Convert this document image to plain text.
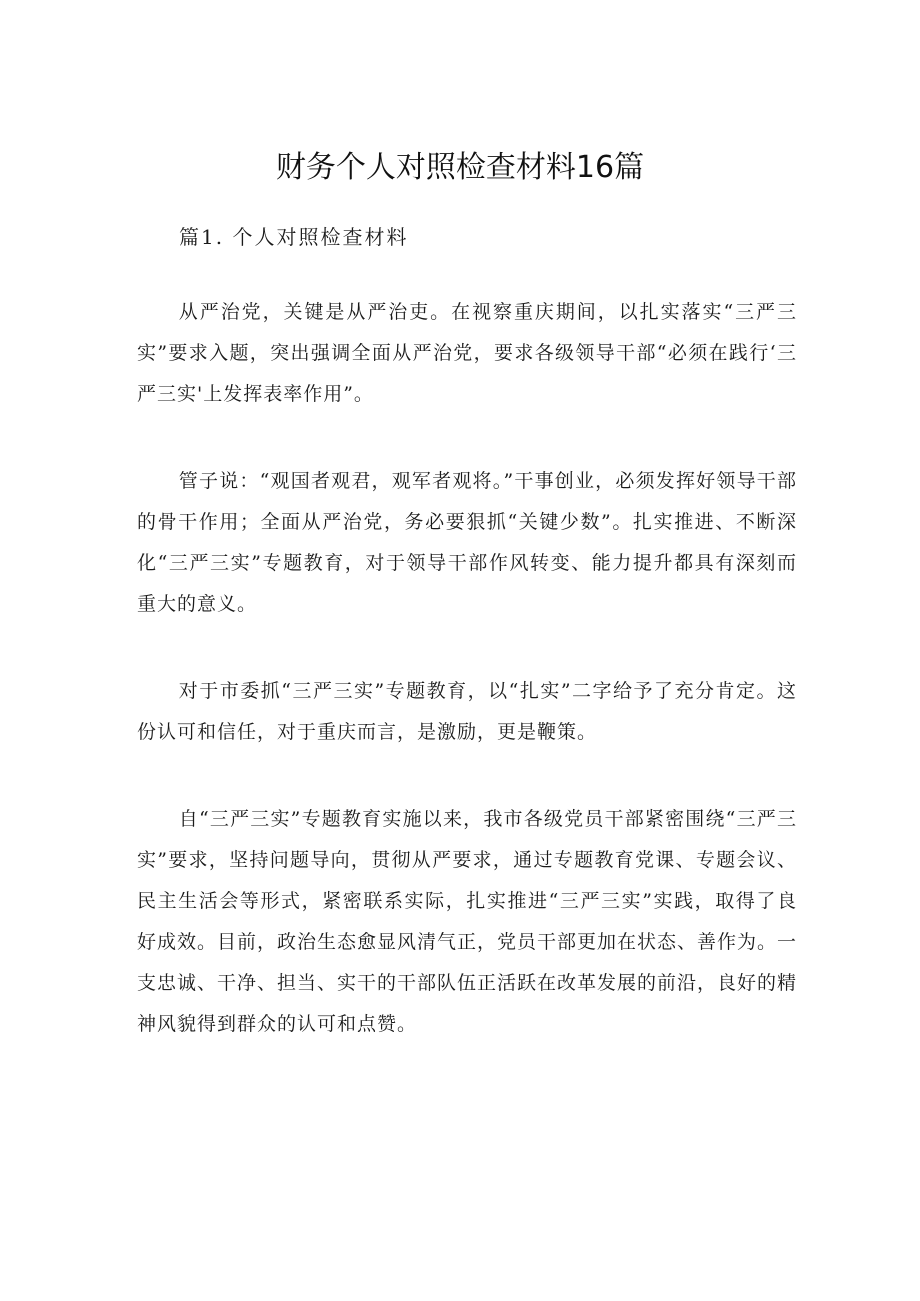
财务个人对照检查材料16篇
篇1. 个人对照检查材料

从严治党，关键是从严治吏。在视察重庆期间，以扎实落实“三严三实”要求入题，突出强调全面从严治党，要求各级领导干部“必须在践行‘三严三实'上发挥表率作用”。

管子说：“观国者观君，观军者观将。”干事创业，必须发挥好领导干部的骨干作用；全面从严治党，务必要狠抓“关键少数”。扎实推进、不断深化“三严三实”专题教育，对于领导干部作风转变、能力提升都具有深刻而重大的意义。

对于市委抓“三严三实”专题教育，以“扎实”二字给予了充分肯定。这份认可和信任，对于重庆而言，是激励，更是鞭策。

自“三严三实”专题教育实施以来，我市各级党员干部紧密围绕“三严三实”要求，坚持问题导向，贯彻从严要求，通过专题教育党课、专题会议、民主生活会等形式，紧密联系实际，扎实推进“三严三实”实践，取得了良好成效。目前，政治生态愈显风清气正，党员干部更加在状态、善作为。一支忠诚、干净、担当、实干的干部队伍正活跃在改革发展的前沿，良好的精神风貌得到群众的认可和点赞。
